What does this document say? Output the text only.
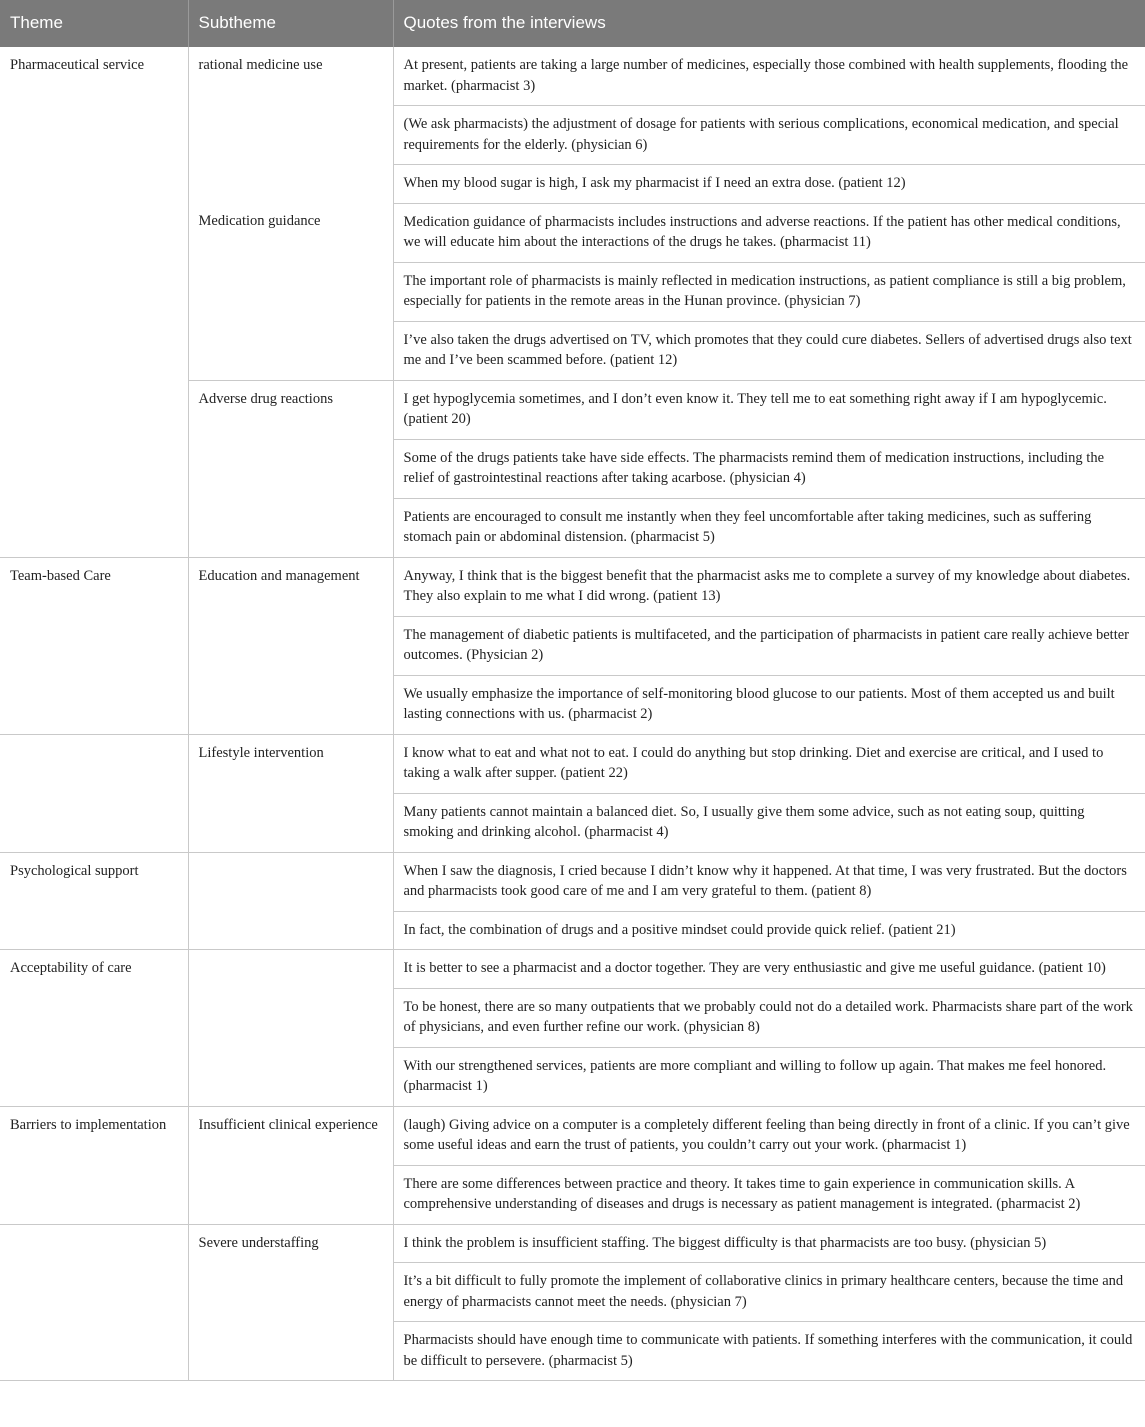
Theme	Subtheme	Quotes from the interviews
Pharmaceutical service	rational medicine use	At present, patients are taking a large number of medicines, especially those combined with health supplements, flooding the market. (pharmacist 3)
		(We ask pharmacists) the adjustment of dosage for patients with serious complications, economical medication, and special requirements for the elderly. (physician 6)
		When my blood sugar is high, I ask my pharmacist if I need an extra dose. (patient 12)
	Medication guidance	Medication guidance of pharmacists includes instructions and adverse reactions. If the patient has other medical conditions, we will educate him about the interactions of the drugs he takes. (pharmacist 11)
		The important role of pharmacists is mainly reflected in medication instructions, as patient compliance is still a big problem, especially for patients in the remote areas in the Hunan province. (physician 7)
		I’ve also taken the drugs advertised on TV, which promotes that they could cure diabetes. Sellers of advertised drugs also text me and I’ve been scammed before. (patient 12)
	Adverse drug reactions	I get hypoglycemia sometimes, and I don’t even know it. They tell me to eat something right away if I am hypoglycemic. (patient 20)
		Some of the drugs patients take have side effects. The pharmacists remind them of medication instructions, including the relief of gastrointestinal reactions after taking acarbose. (physician 4)
		Patients are encouraged to consult me instantly when they feel uncomfortable after taking medicines, such as suffering stomach pain or abdominal distension. (pharmacist 5)
Team-based Care	Education and management	Anyway, I think that is the biggest benefit that the pharmacist asks me to complete a survey of my knowledge about diabetes. They also explain to me what I did wrong. (patient 13)
		The management of diabetic patients is multifaceted, and the participation of pharmacists in patient care really achieve better outcomes. (Physician 2)
		We usually emphasize the importance of self-monitoring blood glucose to our patients. Most of them accepted us and built lasting connections with us. (pharmacist 2)
	Lifestyle intervention	I know what to eat and what not to eat. I could do anything but stop drinking. Diet and exercise are critical, and I used to taking a walk after supper. (patient 22)
		Many patients cannot maintain a balanced diet. So, I usually give them some advice, such as not eating soup, quitting smoking and drinking alcohol. (pharmacist 4)
Psychological support		When I saw the diagnosis, I cried because I didn’t know why it happened. At that time, I was very frustrated. But the doctors and pharmacists took good care of me and I am very grateful to them. (patient 8)
		In fact, the combination of drugs and a positive mindset could provide quick relief. (patient 21)
Acceptability of care		It is better to see a pharmacist and a doctor together. They are very enthusiastic and give me useful guidance. (patient 10)
		To be honest, there are so many outpatients that we probably could not do a detailed work. Pharmacists share part of the work of physicians, and even further refine our work. (physician 8)
		With our strengthened services, patients are more compliant and willing to follow up again. That makes me feel honored. (pharmacist 1)
Barriers to implementation	Insufficient clinical experience	(laugh) Giving advice on a computer is a completely different feeling than being directly in front of a clinic. If you can’t give some useful ideas and earn the trust of patients, you couldn’t carry out your work. (pharmacist 1)
		There are some differences between practice and theory. It takes time to gain experience in communication skills. A comprehensive understanding of diseases and drugs is necessary as patient management is integrated. (pharmacist 2)
	Severe understaffing	I think the problem is insufficient staffing. The biggest difficulty is that pharmacists are too busy. (physician 5)
		It’s a bit difficult to fully promote the implement of collaborative clinics in primary healthcare centers, because the time and energy of pharmacists cannot meet the needs. (physician 7)
		Pharmacists should have enough time to communicate with patients. If something interferes with the communication, it could be difficult to persevere. (pharmacist 5)
